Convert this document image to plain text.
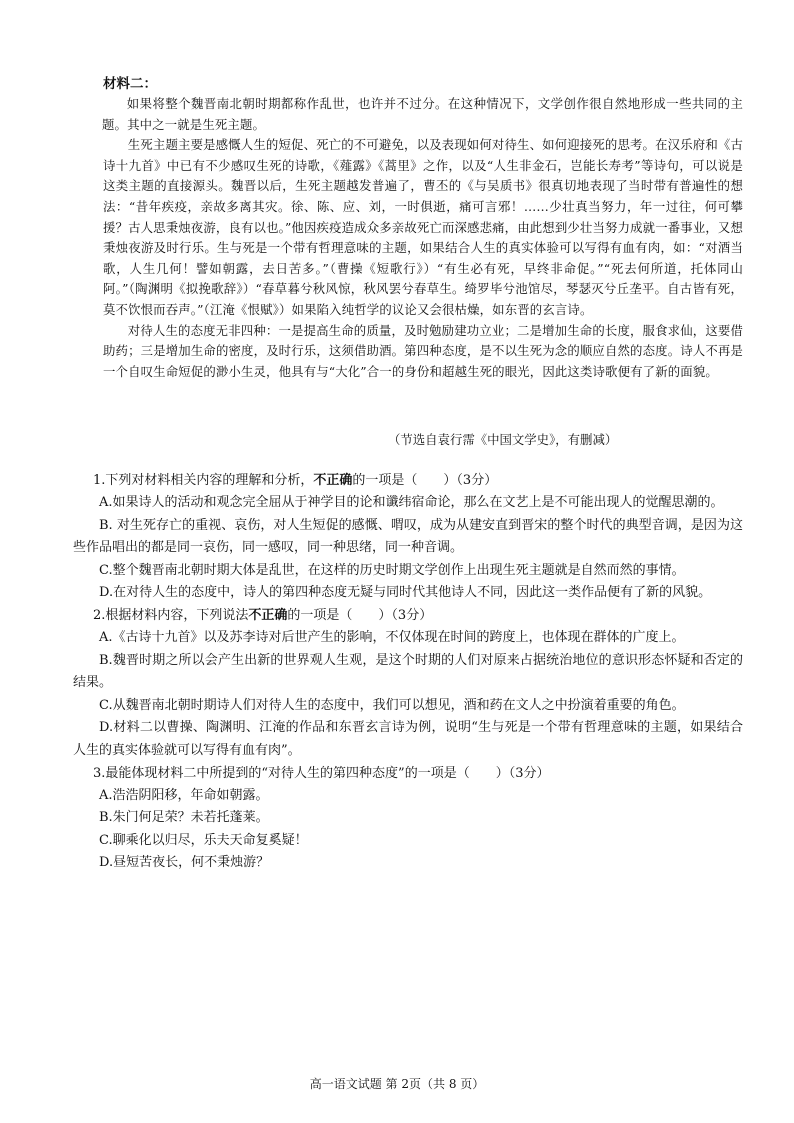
材料二：

如果将整个魏晋南北朝时期都称作乱世，也许并不过分。在这种情况下，文学创作很自然地形成一些共同的主题。其中之一就是生死主题。

生死主题主要是感慨人生的短促、死亡的不可避免，以及表现如何对待生、如何迎接死的思考。在汉乐府和《古诗十九首》中已有不少感叹生死的诗歌，《薤露》《蒿里》之作，以及“人生非金石，岂能长寿考”等诗句，可以说是这类主题的直接源头。魏晋以后，生死主题越发普遍了，曹丕的《与吴质书》很真切地表现了当时带有普遍性的想法：“昔年疾疫，亲故多离其灾。徐、陈、应、刘，一时俱逝，痛可言邪！……少壮真当努力，年一过往，何可攀援？古人思秉烛夜游，良有以也。”他因疾疫造成众多亲故死亡而深感悲痛，由此想到少壮当努力成就一番事业，又想秉烛夜游及时行乐。生与死是一个带有哲理意味的主题，如果结合人生的真实体验可以写得有血有肉，如：“对酒当歌，人生几何！譬如朝露，去日苦多。”（曹操《短歌行》）“有生必有死，早终非命促。”“死去何所道，托体同山阿。”（陶渊明《拟挽歌辞》）“春草暮兮秋风惊，秋风罢兮春草生。绮罗毕兮池馆尽，琴瑟灭兮丘垄平。自古皆有死，莫不饮恨而吞声。”（江淹《恨赋》）如果陷入纯哲学的议论又会很枯燥，如东晋的玄言诗。

对待人生的态度无非四种：一是提高生命的质量，及时勉励建功立业；二是增加生命的长度，服食求仙，这要借助药；三是增加生命的密度，及时行乐，这须借助酒。第四种态度，是不以生死为念的顺应自然的态度。诗人不再是一个自叹生命短促的渺小生灵，他具有与“大化”合一的身份和超越生死的眼光，因此这类诗歌便有了新的面貌。

（节选自袁行霈《中国文学史》，有删减）
1.下列对材料相关内容的理解和分析，不正确的一项是（　　）（3分）

A.如果诗人的活动和观念完全屈从于神学目的论和谶纬宿命论，那么在文艺上是不可能出现人的觉醒思潮的。

B. 对生死存亡的重视、哀伤，对人生短促的感慨、喟叹，成为从建安直到晋宋的整个时代的典型音调，是因为这些作品唱出的都是同一哀伤，同一感叹，同一种思绪，同一种音调。

C.整个魏晋南北朝时期大体是乱世，在这样的历史时期文学创作上出现生死主题就是自然而然的事情。

D.在对待人生的态度中，诗人的第四种态度无疑与同时代其他诗人不同，因此这一类作品便有了新的风貌。

2.根据材料内容，下列说法不正确的一项是（　　）（3分）

A.《古诗十九首》以及苏李诗对后世产生的影响，不仅体现在时间的跨度上，也体现在群体的广度上。

B.魏晋时期之所以会产生出新的世界观人生观，是这个时期的人们对原来占据统治地位的意识形态怀疑和否定的结果。

C.从魏晋南北朝时期诗人们对待人生的态度中，我们可以想见，酒和药在文人之中扮演着重要的角色。

D.材料二以曹操、陶渊明、江淹的作品和东晋玄言诗为例，说明“生与死是一个带有哲理意味的主题，如果结合人生的真实体验就可以写得有血有肉”。

3.最能体现材料二中所提到的“对待人生的第四种态度”的一项是（　　）（3分）

A.浩浩阴阳移，年命如朝露。

B.朱门何足荣？未若托蓬莱。

C.聊乘化以归尽，乐夫天命复奚疑！

D.昼短苦夜长，何不秉烛游？

高一语文试题 第 2页（共 8 页）
